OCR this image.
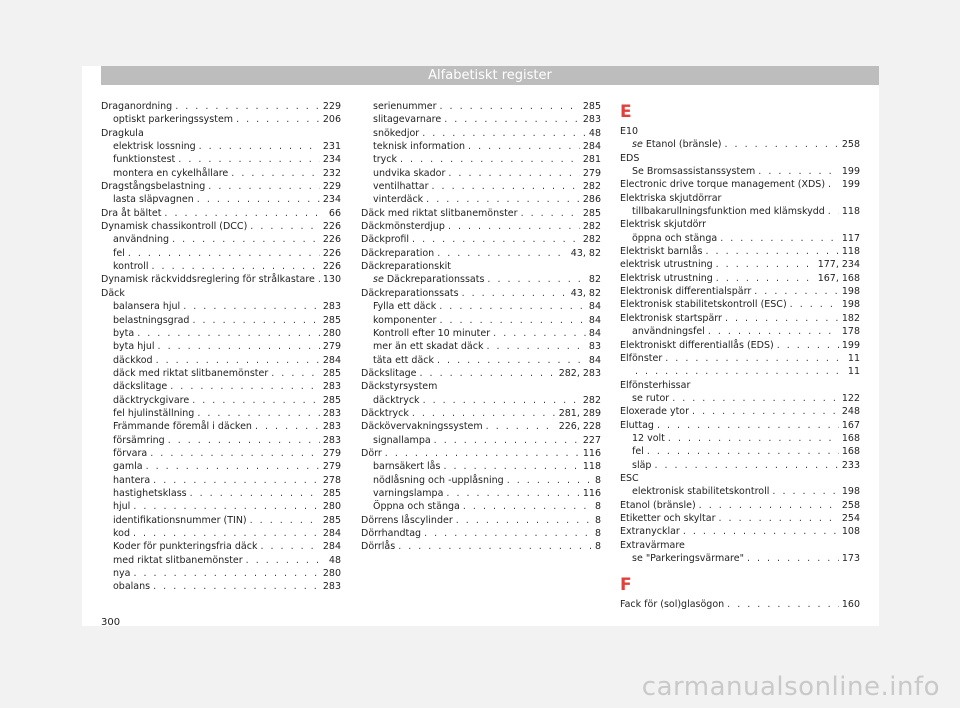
Alfabetiskt register
Draganordning . . .	229
optiskt parkeringssystem . . .	206
Dragkula
elektrisk lossning . . .	231
funktionstest . . .	234
montera en cykelhållare . . .	232
Dragstångsbelastning . . .	229
lasta släpvagnen . . .	234
Dra åt bältet . . .	66
Dynamisk chassikontroll (DCC) . . .	226
användning . . .	226
fel . . .	226
kontroll . . .	226
Dynamisk räckviddsreglering för strålkastare . . . 130
Däck
balansera hjul . . .	283
belastningsgrad . . .	285
byta . . .	280
byta hjul . . .	279
däckkod . . .	284
däck med riktat slitbanemönster . . .	285
däckslitage . . .	283
däcktryckgivare . . .	285
fel hjulinställning . . .	283
Främmande föremål i däcken . . .	283
försämring . . .	283
förvara . . .	279
gamla . . .	279
hantera . . .	278
hastighetsklass . . .	285
hjul . . .	280
identifikationsnummer (TIN) . . .	285
kod . . .	284
Koder för punkteringsfria däck . . .	284
med riktat slitbanemönster . . .	48
nya . . .	280
obalans . . .	283
serienummer . . .	285
slitagevarnare . . .	283
snökedjor . . .	48
teknisk information . . .	284
tryck . . .	281
undvika skador . . .	279
ventilhattar . . .	282
vinterdäck . . .	286
Däck med riktat slitbanemönster . . .	285
Däckmönsterdjup . . .	282
Däckprofil . . .	282
Däckreparation . . .	43, 82
Däckreparationskit
se Däckreparationssats . . .	82
Däckreparationssats . . .	43, 82
Fylla ett däck . . .	84
komponenter . . .	84
Kontroll efter 10 minuter . . .	84
mer än ett skadat däck . . .	83
täta ett däck . . .	84
Däckslitage . . .	282, 283
Däckstyrsystem
däcktryck . . .	282
Däcktryck . . .	281, 289
Däckövervakningssystem . . .	226, 228
signallampa . . .	227
Dörr . . .	116
barnsäkert lås . . .	118
nödlåsning och -upplåsning . . .	8
varningslampa . . .	116
Öppna och stänga . . .	8
Dörrens låscylinder . . .	8
Dörrhandtag . . .	8
Dörrlås . . .	8
E
E10
se Etanol (bränsle) . . .	258
EDS
Se Bromsassistanssystem . . .	199
Electronic drive torque management (XDS) . . . 199
Elektriska skjutdörrar
tillbakarullningsfunktion med klämskydd . . . 118
Elektrisk skjutdörr
öppna och stänga . . .	117
Elektriskt barnlås . . .	118
elektrisk utrustning . . .	177, 234
Elektrisk utrustning . . .	167, 168
Elektronisk differentialspärr . . .	198
Elektronisk stabilitetskontroll (ESC) . . .	198
Elektronisk startspärr . . .	182
användningsfel . . .	178
Elektroniskt differentiallås (EDS) . . .	199
Elfönster . . .	11
. . .
11
Elfönsterhissar
se rutor . . .	122
Eloxerade ytor . . .	248
Eluttag . . .	167
12 volt . . .	168
fel . . .	168
släp . . .	233
ESC
elektronisk stabilitetskontroll . . .	198
Etanol (bränsle) . . .	258
Etiketter och skyltar . . .	254
Extranycklar . . .	108
Extravärmare
se "Parkeringsvärmare" . . .	173
F
Fack för (sol)glasögon . . .	160
300
carmanualsonline.info
